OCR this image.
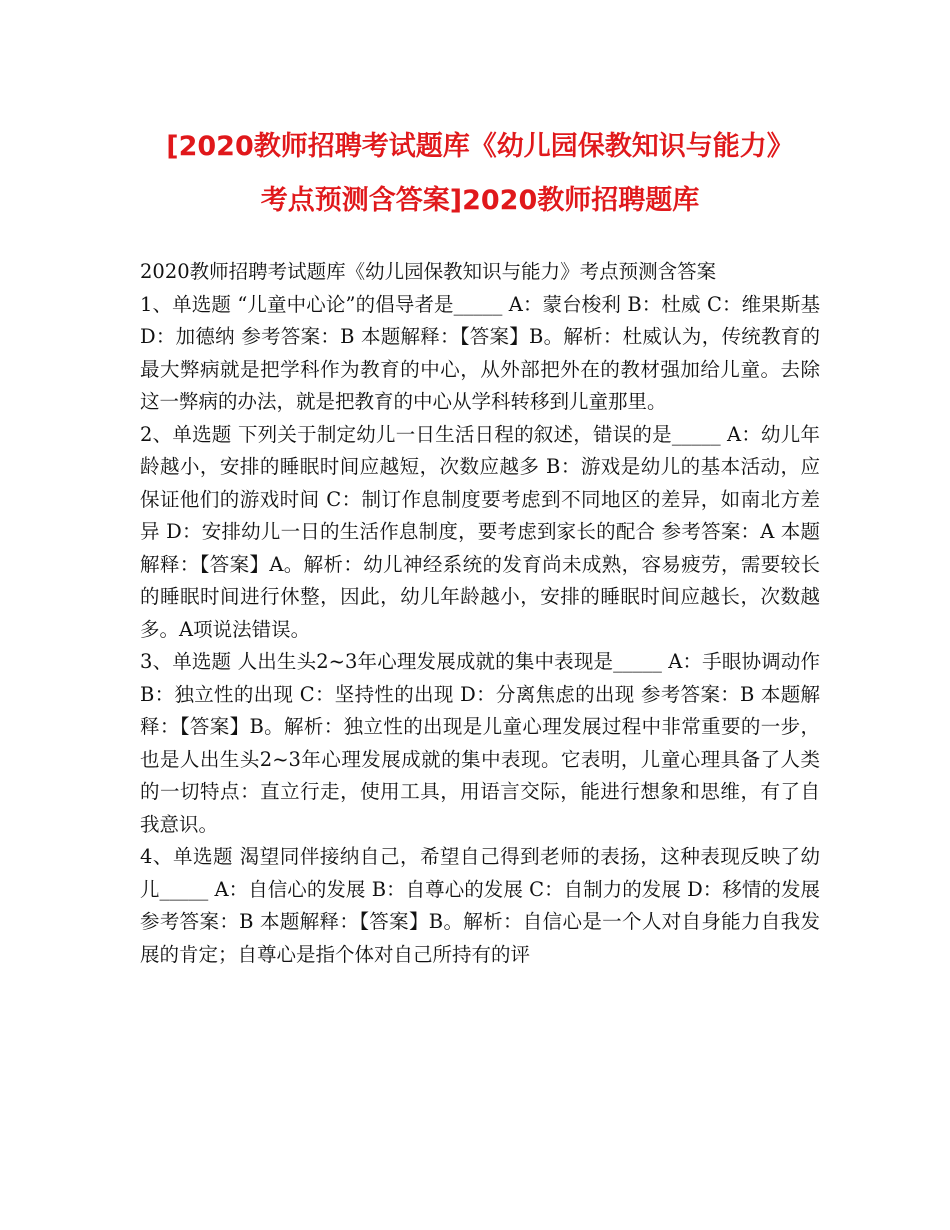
[2020教师招聘考试题库《幼儿园保教知识与能力》
考点预测含答案]2020教师招聘题库

2020教师招聘考试题库《幼儿园保教知识与能力》考点预测含答案

1、单选题 “儿童中心论”的倡导者是_____ A：蒙台梭利 B：杜威 C：维果斯基 D：加德纳 参考答案：B 本题解释：【答案】B。解析：杜威认为，传统教育的最大弊病就是把学科作为教育的中心，从外部把外在的教材强加给儿童。去除这一弊病的办法，就是把教育的中心从学科转移到儿童那里。

2、单选题 下列关于制定幼儿一日生活日程的叙述，错误的是_____ A：幼儿年龄越小，安排的睡眠时间应越短，次数应越多 B：游戏是幼儿的基本活动，应保证他们的游戏时间 C：制订作息制度要考虑到不同地区的差异，如南北方差异 D：安排幼儿一日的生活作息制度，要考虑到家长的配合 参考答案：A 本题解释：【答案】A。解析：幼儿神经系统的发育尚未成熟，容易疲劳，需要较长的睡眠时间进行休整，因此，幼儿年龄越小，安排的睡眠时间应越长，次数越多。A项说法错误。

3、单选题 人出生头2~3年心理发展成就的集中表现是_____ A：手眼协调动作 B：独立性的出现 C：坚持性的出现 D：分离焦虑的出现 参考答案：B 本题解释：【答案】B。解析：独立性的出现是儿童心理发展过程中非常重要的一步，也是人出生头2~3年心理发展成就的集中表现。它表明，儿童心理具备了人类的一切特点：直立行走，使用工具，用语言交际，能进行想象和思维，有了自我意识。

4、单选题 渴望同伴接纳自己，希望自己得到老师的表扬，这种表现反映了幼儿_____ A：自信心的发展 B：自尊心的发展 C：自制力的发展 D：移情的发展 参考答案：B 本题解释：【答案】B。解析：自信心是一个人对自身能力自我发展的肯定；自尊心是指个体对自己所持有的评
